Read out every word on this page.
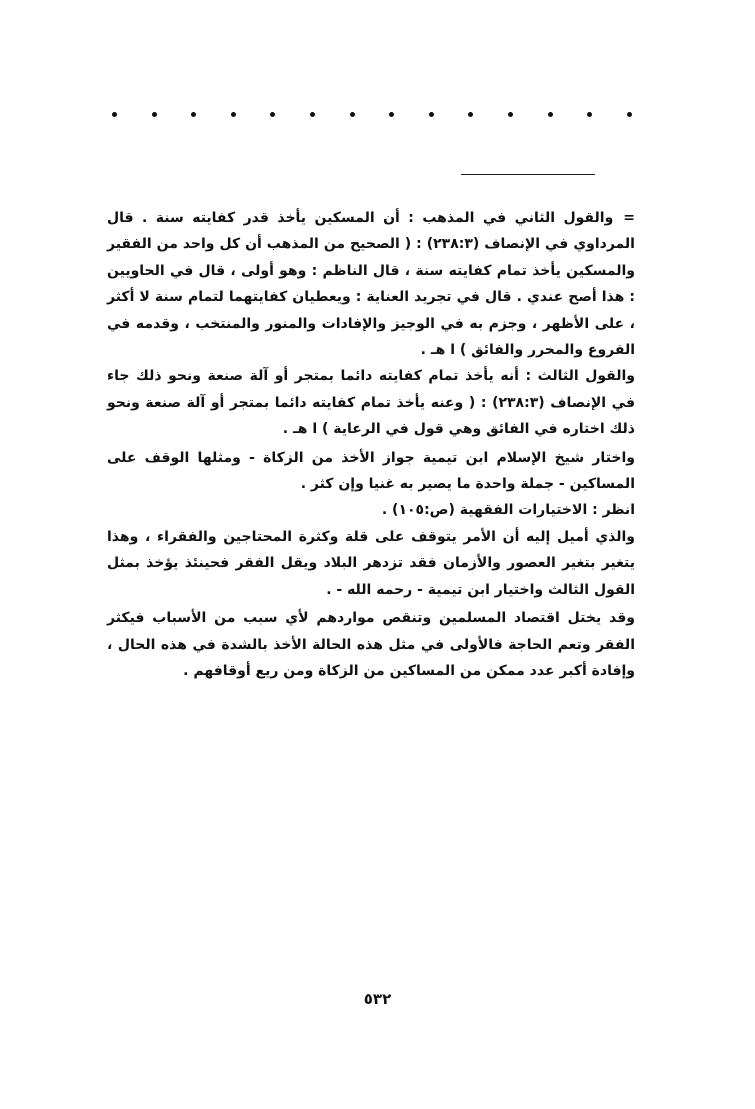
=والقول الثاني في المذهب : أن المسكين يأخذ قدر كفايته سنة . قال المرداوي في الإنصاف (٢٣٨:٣) : ( الصحيح من المذهب أن كل واحد من الفقير والمسكين يأخذ تمام كفايته سنة ، قال الناظم : وهو أولى ، قال في الحاويين : هذا أصح عندي . قال في تجريد العناية : ويعطيان كفايتهما لتمام سنة لا أكثر ، على الأظهر ، وجزم به في الوجيز والإفادات والمنور والمنتخب ، وقدمه في الفروع والمحرر والفائق ) ا هـ .

والقول الثالث : أنه يأخذ تمام كفايته دائما بمتجر أو آلة صنعة ونحو ذلك جاء في الإنصاف (٢٣٨:٣) : ( وعنه يأخذ تمام كفايته دائما بمتجر أو آلة صنعة ونحو ذلك اختاره في الفائق وهي قول في الرعاية ) ا هـ .

واختار شيخ الإسلام ابن تيمية جواز الأخذ من الزكاة - ومثلها الوقف على المساكين - جملة واحدة ما يصير به غنيا وإن كثر .

انظر : الاختيارات الفقهية (ص:١٠٥) .

والذي أميل إليه أن الأمر يتوقف على قلة وكثرة المحتاجين والفقراء ، وهذا يتغير بتغير العصور والأزمان فقد تزدهر البلاد ويقل الفقر فحينئذ يؤخذ بمثل القول الثالث واختيار ابن تيمية - رحمه الله - .

وقد يختل اقتصاد المسلمين وتنقص مواردهم لأي سبب من الأسباب فيكثر الفقر وتعم الحاجة فالأولى في مثل هذه الحالة الأخذ بالشدة في هذه الحال ، وإفادة أكبر عدد ممكن من المساكين من الزكاة ومن ريع أوقافهم .

٥٣٢
